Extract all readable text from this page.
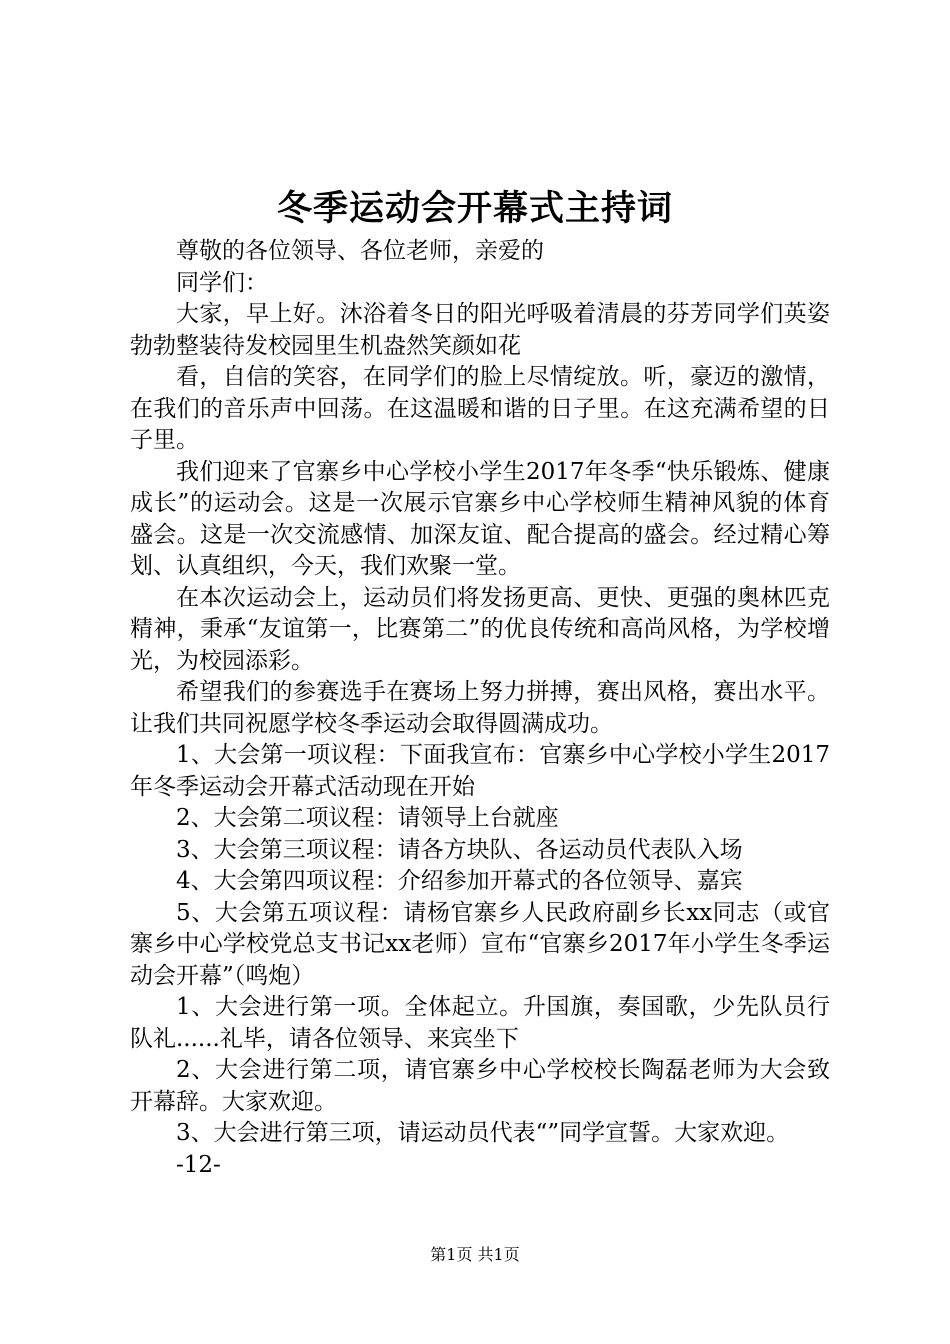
冬季运动会开幕式主持词

尊敬的各位领导、各位老师，亲爱的

同学们：

大家，早上好。沐浴着冬日的阳光呼吸着清晨的芬芳同学们英姿勃勃整装待发校园里生机盎然笑颜如花

看，自信的笑容，在同学们的脸上尽情绽放。听，豪迈的激情，在我们的音乐声中回荡。在这温暖和谐的日子里。在这充满希望的日子里。

我们迎来了官寨乡中心学校小学生2017年冬季“快乐锻炼、健康成长”的运动会。这是一次展示官寨乡中心学校师生精神风貌的体育盛会。这是一次交流感情、加深友谊、配合提高的盛会。经过精心筹划、认真组织，今天，我们欢聚一堂。

在本次运动会上，运动员们将发扬更高、更快、更强的奥林匹克精神，秉承“友谊第一，比赛第二”的优良传统和高尚风格，为学校增光，为校园添彩。

希望我们的参赛选手在赛场上努力拼搏，赛出风格，赛出水平。让我们共同祝愿学校冬季运动会取得圆满成功。

1、大会第一项议程：下面我宣布：官寨乡中心学校小学生2017年冬季运动会开幕式活动现在开始

2、大会第二项议程：请领导上台就座

3、大会第三项议程：请各方块队、各运动员代表队入场

4、大会第四项议程：介绍参加开幕式的各位领导、嘉宾

5、大会第五项议程：请杨官寨乡人民政府副乡长xx同志（或官寨乡中心学校党总支书记xx老师）宣布“官寨乡2017年小学生冬季运动会开幕”（鸣炮）

1、大会进行第一项。全体起立。升国旗，奏国歌，少先队员行队礼......礼毕，请各位领导、来宾坐下

2、大会进行第二项，请官寨乡中心学校校长陶磊老师为大会致开幕辞。大家欢迎。

3、大会进行第三项，请运动员代表“”同学宣誓。大家欢迎。

-12-

第1页 共1页
